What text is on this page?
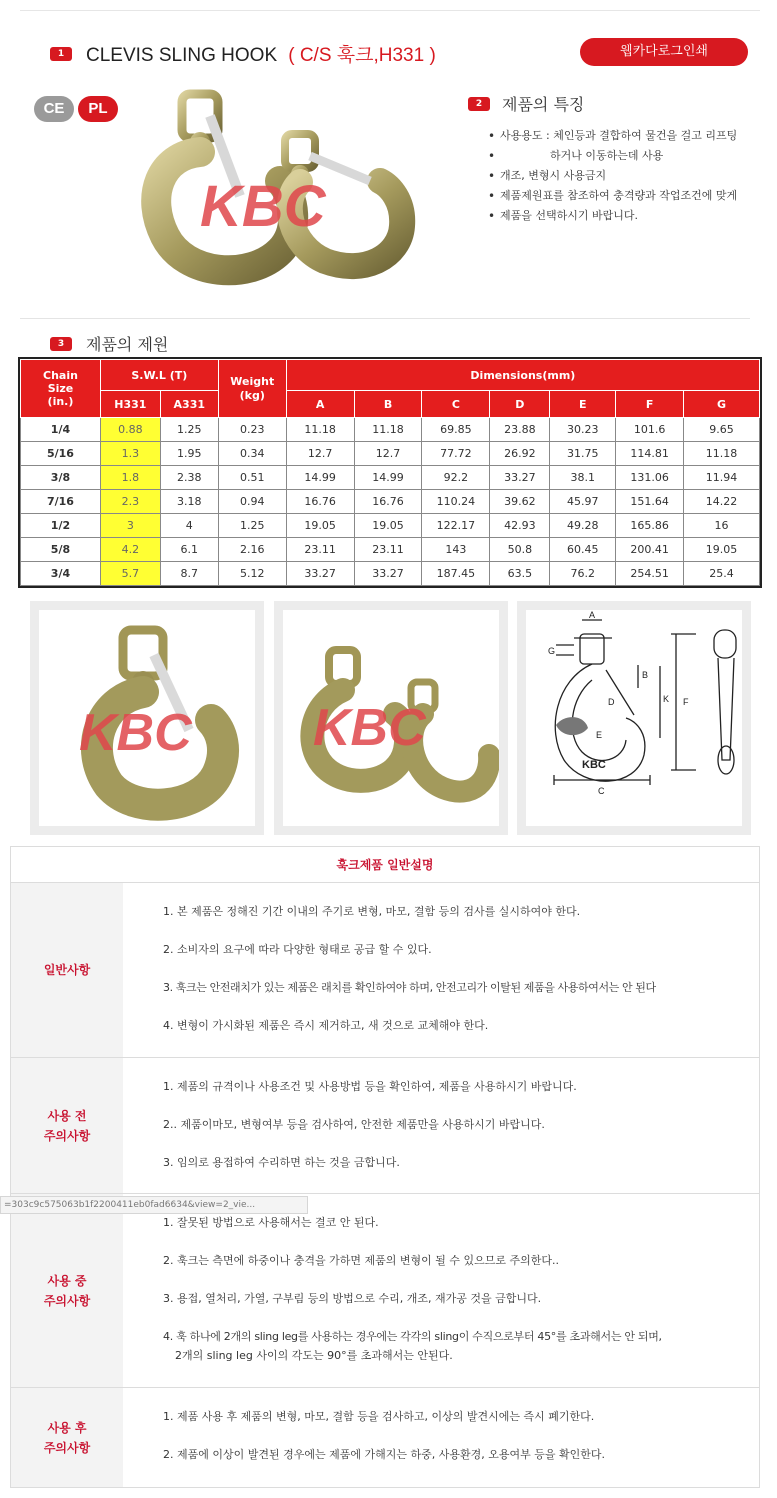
1	CLEVIS SLING HOOK ( C/S 훅크,H331 )	웹카다로그인쇄
CE	PL
KBC
2	제품의 특징
• 사용용도 : 체인등과 결합하여 물건을 걸고 리프팅
• 하거나 이동하는데 사용
• 개조, 변형시 사용금지
• 제품제원표를 참조하여 충격량과 작업조건에 맞게
• 제품을 선택하시기 바랍니다.
3	제품의 제원
Chain Size (in.)	S.W.L (T)		Weight (kg)	Dimensions(mm)						
	H331	A331		A	B	C	D	E	F	G
1/4	0.88	1.25	0.23	11.18	11.18	69.85	23.88	30.23	101.6	9.65
5/16	1.3	1.95	0.34	12.7	12.7	77.72	26.92	31.75	114.81	11.18
3/8	1.8	2.38	0.51	14.99	14.99	92.2	33.27	38.1	131.06	11.94
7/16	2.3	3.18	0.94	16.76	16.76	110.24	39.62	45.97	151.64	14.22
1/2	3	4	1.25	19.05	19.05	122.17	42.93	49.28	165.86	16
5/8	4.2	6.1	2.16	23.11	23.11	143	50.8	60.45	200.41	19.05
3/4	5.7	8.7	5.12	33.27	33.27	187.45	63.5	76.2	254.51	25.4
KBC KBC
A
B
C
D
E
F
G
K
KBC
훅크제품 일반설명
일반사항

1. 본 제품은 정해진 기간 이내의 주기로 변형, 마모, 결함 등의 검사를 실시하여야 한다.

2. 소비자의 요구에 따라 다양한 형태로 공급 할 수 있다.

3. 훅크는 안전래치가 있는 제품은 래치를 확인하여야 하며, 안전고리가 이탈된 제품을 사용하여서는 안 된다

4. 변형이 가시화된 제품은 즉시 제거하고, 새 것으로 교체해야 한다.

사용 전
주의사항

1. 제품의 규격이나 사용조건 및 사용방법 등을 확인하여, 제품을 사용하시기 바랍니다.

2.. 제품이마모, 변형여부 등을 검사하여, 안전한 제품만을 사용하시기 바랍니다.

3. 임의로 용접하여 수리하면 하는 것을 금합니다.

사용 중
주의사항

1. 잘못된 방법으로 사용해서는 결코 안 된다.

2. 훅크는 측면에 하중이나 충격을 가하면 제품의 변형이 될 수 있으므로 주의한다..

3. 용접, 열처리, 가열, 구부림 등의 방법으로 수리, 개조, 재가공 것을 금합니다.

4. 훅 하나에 2개의 sling leg를 사용하는 경우에는 각각의 sling이 수직으로부터 45°를 초과해서는 안 되며,

2개의 sling leg 사이의 각도는 90°를 초과해서는 안된다.

사용 후
주의사항

1. 제품 사용 후 제품의 변형, 마모, 결함 등을 검사하고, 이상의 발견시에는 즉시 폐기한다.

2. 제품에 이상이 발견된 경우에는 제품에 가해지는 하중, 사용환경, 오용여부 등을 확인한다.

=303c9c575063b1f2200411eb0fad6634&view=2_vie...
